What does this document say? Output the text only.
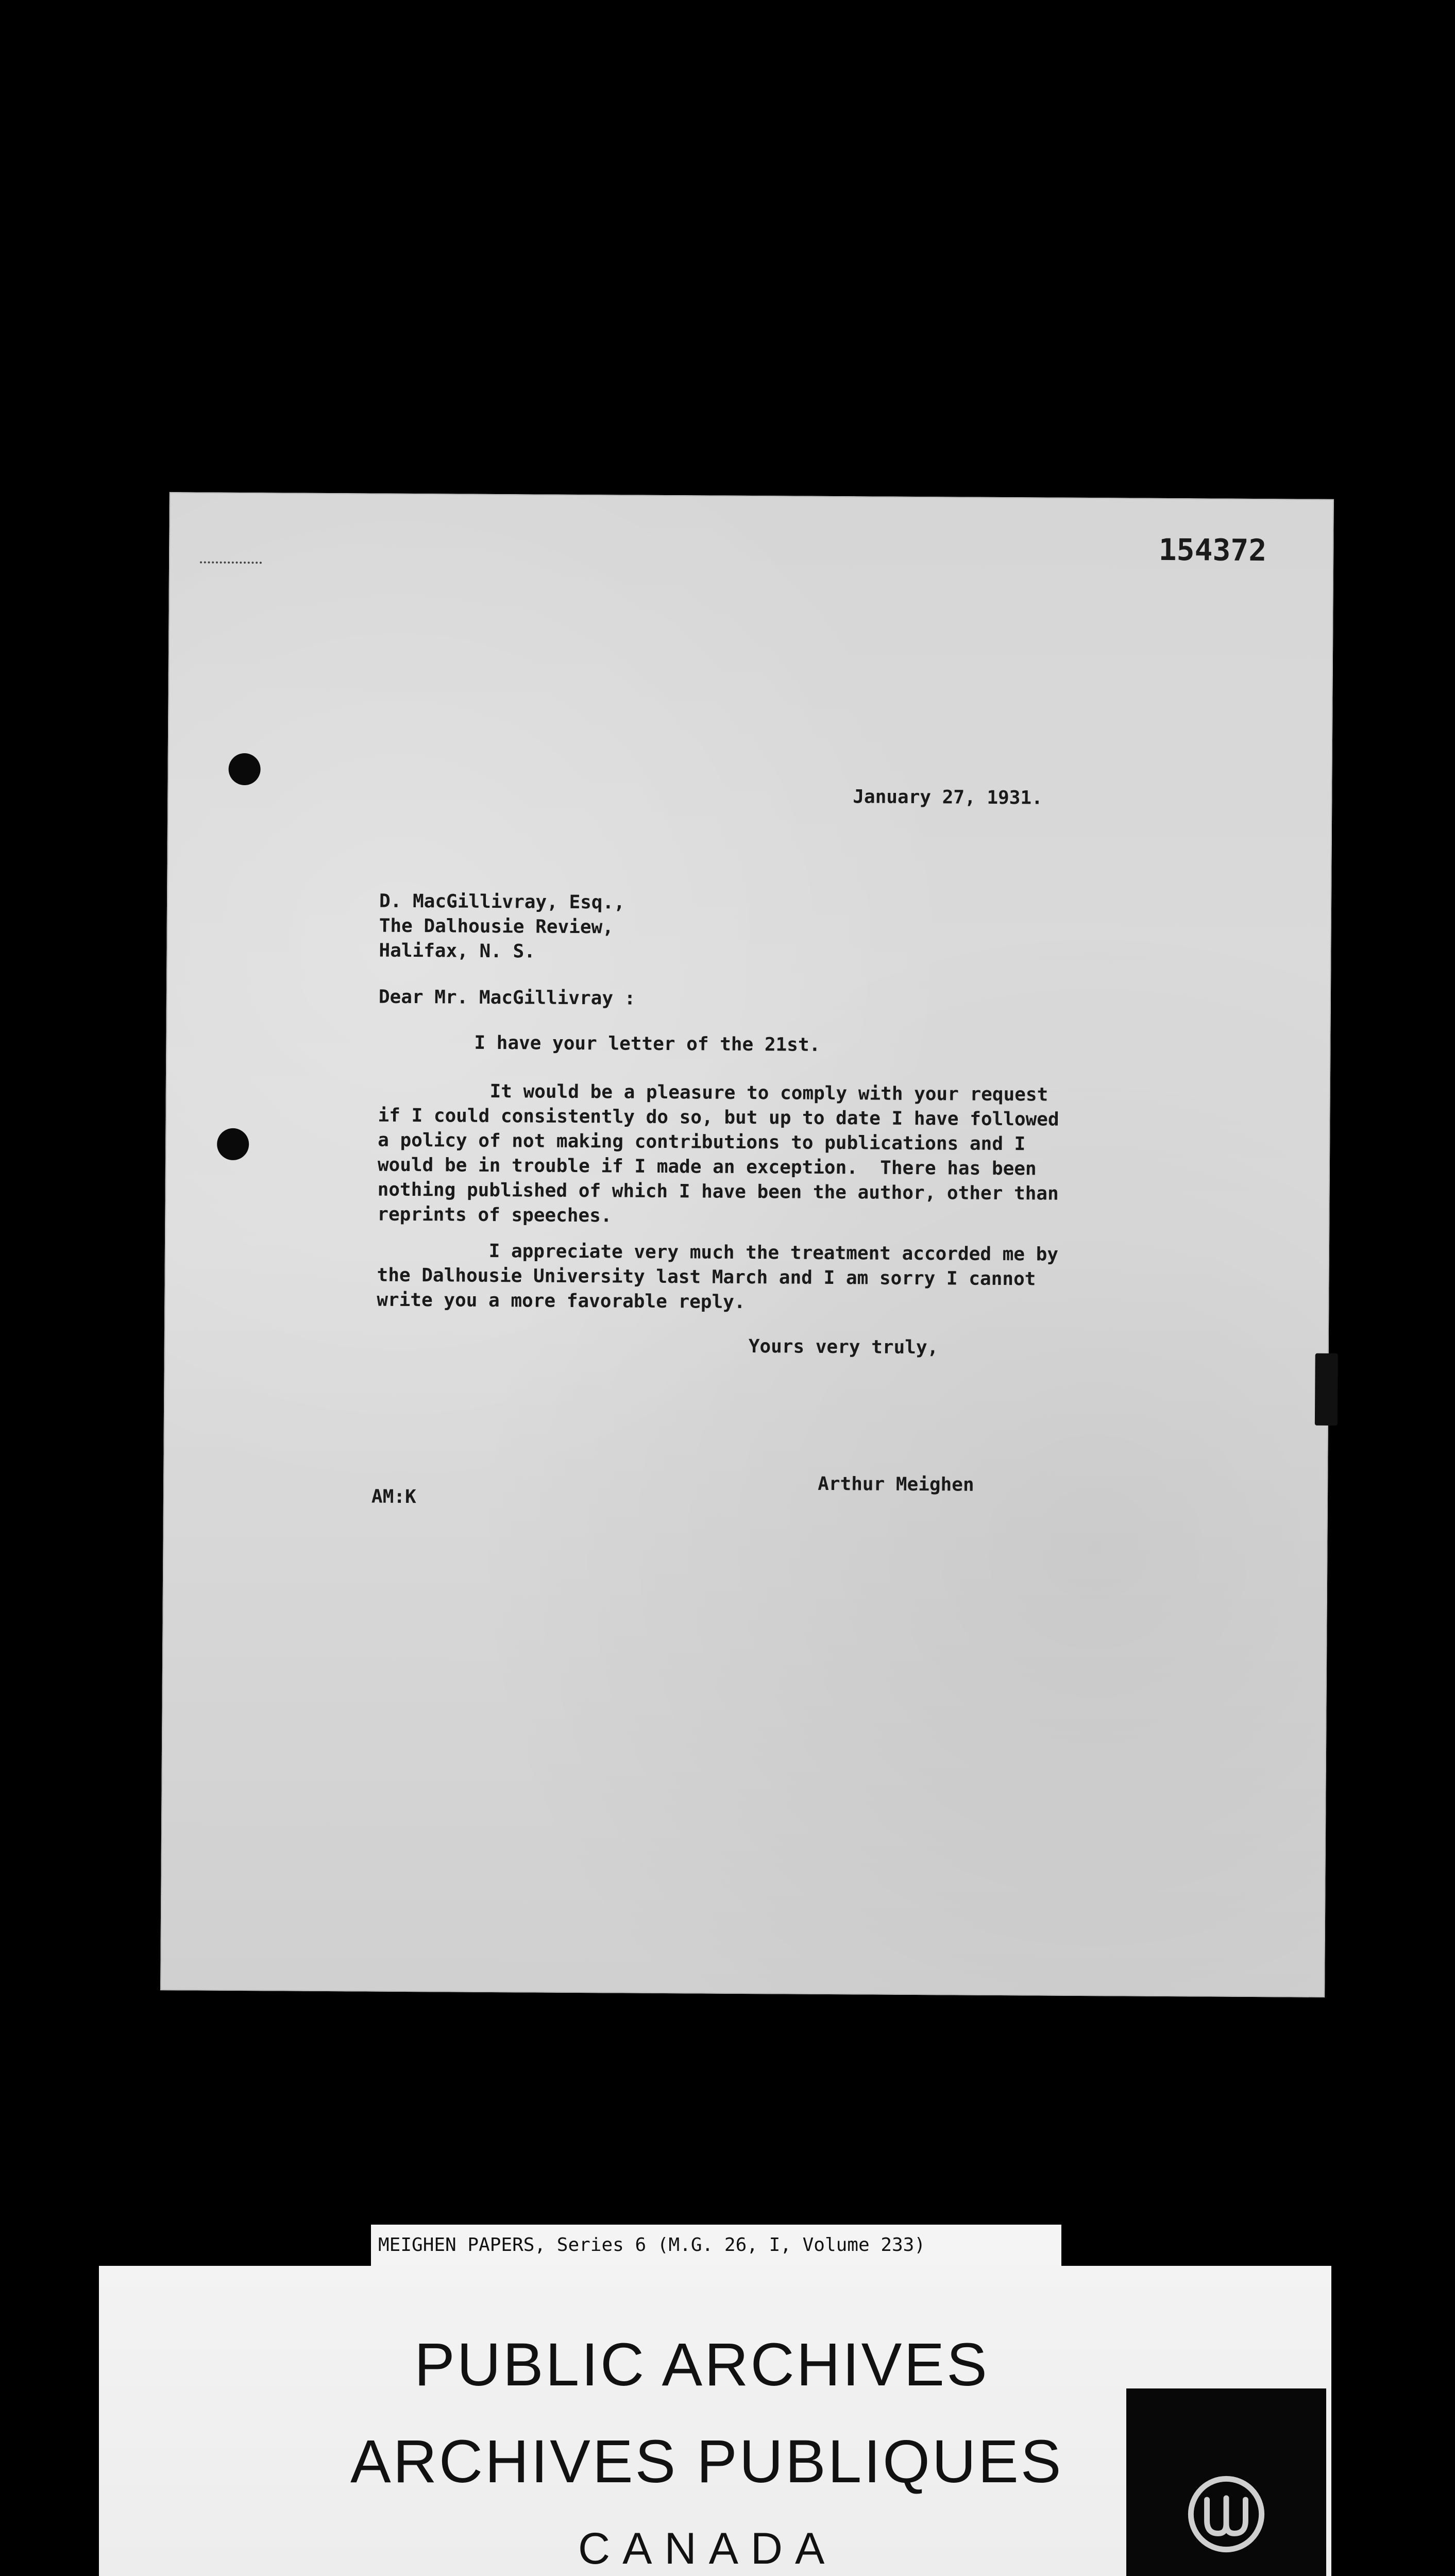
154372
January 27, 1931.
D. MacGillivray, Esq.,
The Dalhousie Review,
Halifax, N. S.
Dear Mr. MacGillivray :
I have your letter of the 21st.
It would be a pleasure to comply with your request
if I could consistently do so, but up to date I have followed
a policy of not making contributions to publications and I
would be in trouble if I made an exception.  There has been
nothing published of which I have been the author, other than
reprints of speeches.
I appreciate very much the treatment accorded me by
the Dalhousie University last March and I am sorry I cannot
write you a more favorable reply.
Yours very truly,
Arthur Meighen
AM:K
MEIGHEN PAPERS, Series 6 (M.G. 26, I, Volume 233)
PUBLIC ARCHIVES
ARCHIVES PUBLIQUES
CANADA
